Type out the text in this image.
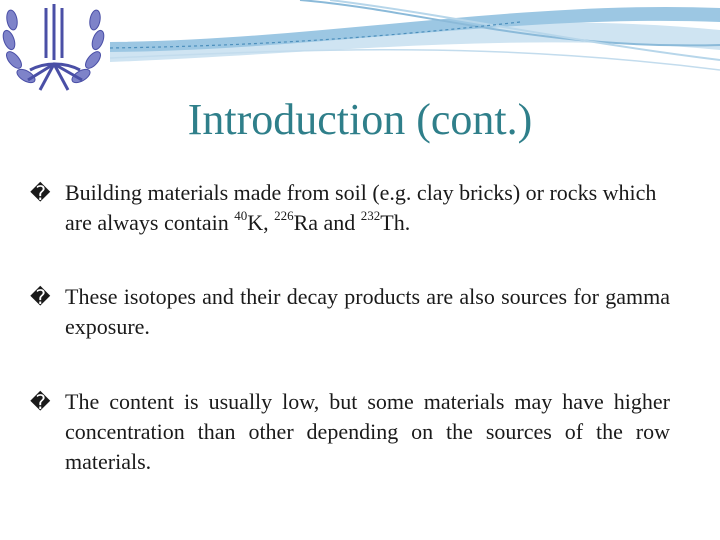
Introduction (cont.)
� Building materials made from soil (e.g. clay bricks) or rocks which are always contain $^{40}$K, $^{226}$Ra and $^{232}$Th.
� These isotopes and their decay products are also sources for gamma exposure.
� The content is usually low, but some materials may have higher concentration than other depending on the sources of the row materials.
